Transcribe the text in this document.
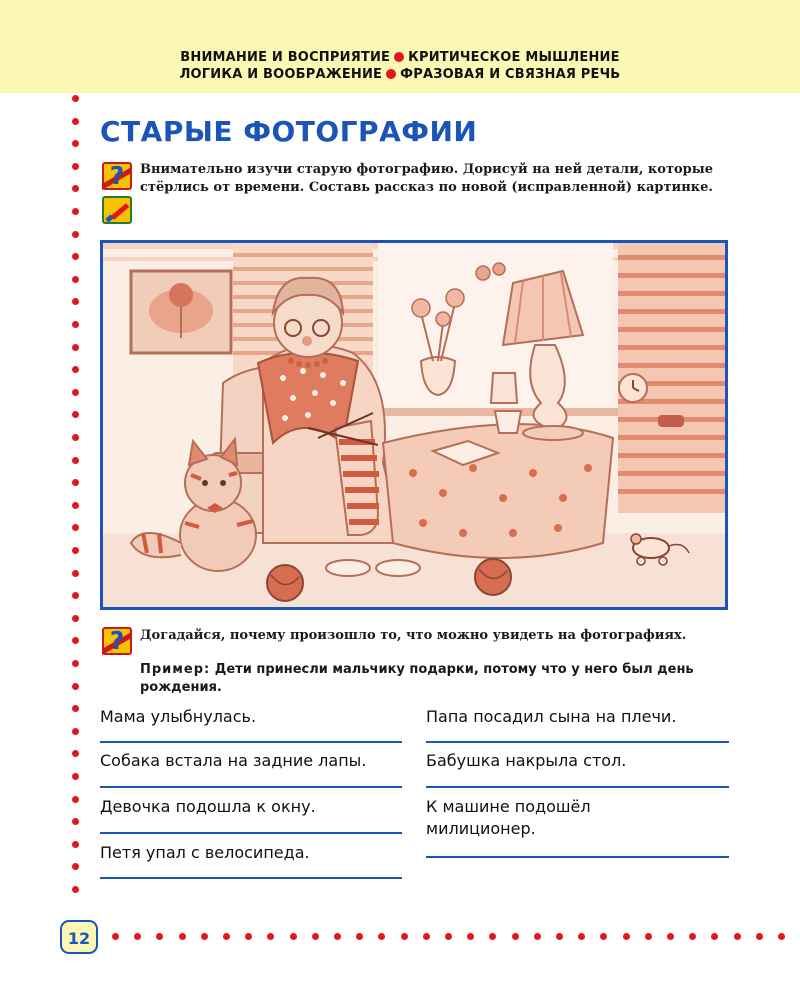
ВНИМАНИЕ И ВОСПРИЯТИЕ КРИТИЧЕСКОЕ МЫШЛЕНИЕ
ЛОГИКА И ВООБРАЖЕНИЕ ФРАЗОВАЯ И СВЯЗНАЯ РЕЧЬ
СТАРЫЕ ФОТОГРАФИИ
?	Внимательно изучи старую фотографию. Дорисуй на ней детали, которые стёрлись от времени. Составь рассказ по новой (исправленной) картинке.

?	Догадайся, почему произошло то, что можно увидеть на фотографиях.

Пример: Дети принесли мальчику подарки, потому что у него был день рождения.

Мама улыбнулась.

Собака встала на задние лапы.

Девочка подошла к окну.

Петя упал с велосипеда.

Папа посадил сына на плечи.

Бабушка накрыла стол.

К машине подошёл милиционер.

12
